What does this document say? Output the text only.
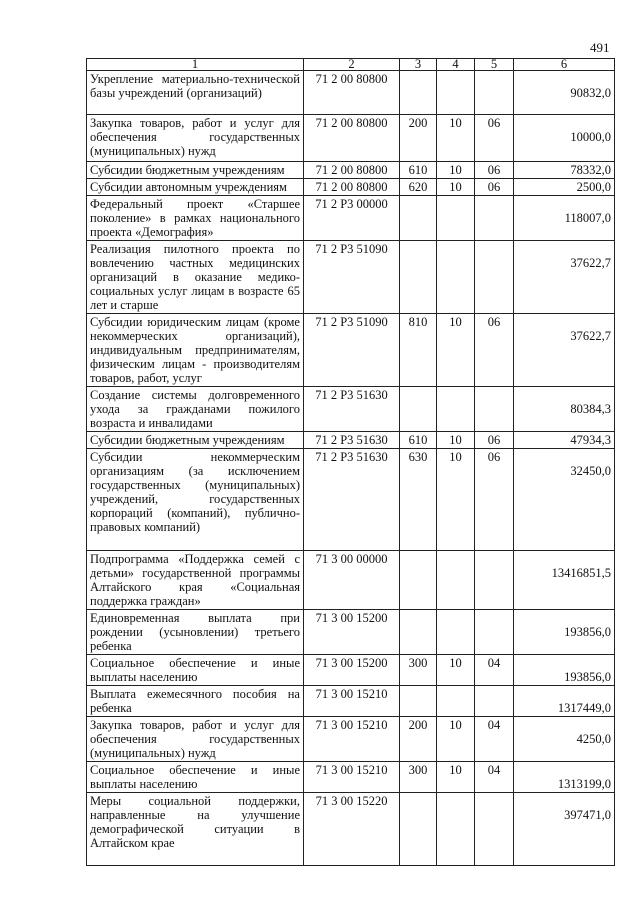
491
1	2	3	4	5	6
Укрепление материально-технической базы учреждений (организаций)	71 2 00 80800				90832,0

Закупка товаров, работ и услуг для обеспечения государственных (муниципальных) нужд	71 2 00 80800	200	10	06	10000,0

Субсидии бюджетным учреждениям	71 2 00 80800	610	10	06	78332,0

Субсидии автономным учреждениям	71 2 00 80800	620	10	06	2500,0

Федеральный проект «Старшее поколение» в рамках национального проекта «Демография»	71 2 P3 00000				118007,0

Реализация пилотного проекта по вовлечению частных медицинских организаций в оказание медико-социальных услуг лицам в возрасте 65 лет и старше	71 2 P3 51090				37622,7

Субсидии юридическим лицам (кроме некоммерческих организаций), индивидуальным предпринимателям, физическим лицам - производителям товаров, работ, услуг	71 2 P3 51090	810	10	06	37622,7

Создание системы долговременного ухода за гражданами пожилого возраста и инвалидами	71 2 P3 51630				80384,3

Субсидии бюджетным учреждениям	71 2 P3 51630	610	10	06	47934,3

Субсидии некоммерческим организациям (за исключением государственных (муниципальных) учреждений, государственных корпораций (компаний), публично-правовых компаний)	71 2 P3 51630	630	10	06	32450,0

Подпрограмма «Поддержка семей с детьми» государственной программы Алтайского края «Социальная поддержка граждан»	71 3 00 00000				13416851,5

Единовременная выплата при рождении (усыновлении) третьего ребенка	71 3 00 15200				193856,0

Социальное обеспечение и иные выплаты населению	71 3 00 15200	300	10	04	193856,0

Выплата ежемесячного пособия на ребенка	71 3 00 15210				1317449,0

Закупка товаров, работ и услуг для обеспечения государственных (муниципальных) нужд	71 3 00 15210	200	10	04	4250,0

Социальное обеспечение и иные выплаты населению	71 3 00 15210	300	10	04	1313199,0

Меры социальной поддержки, направленные на улучшение демографической ситуации в Алтайском крае	71 3 00 15220				397471,0
